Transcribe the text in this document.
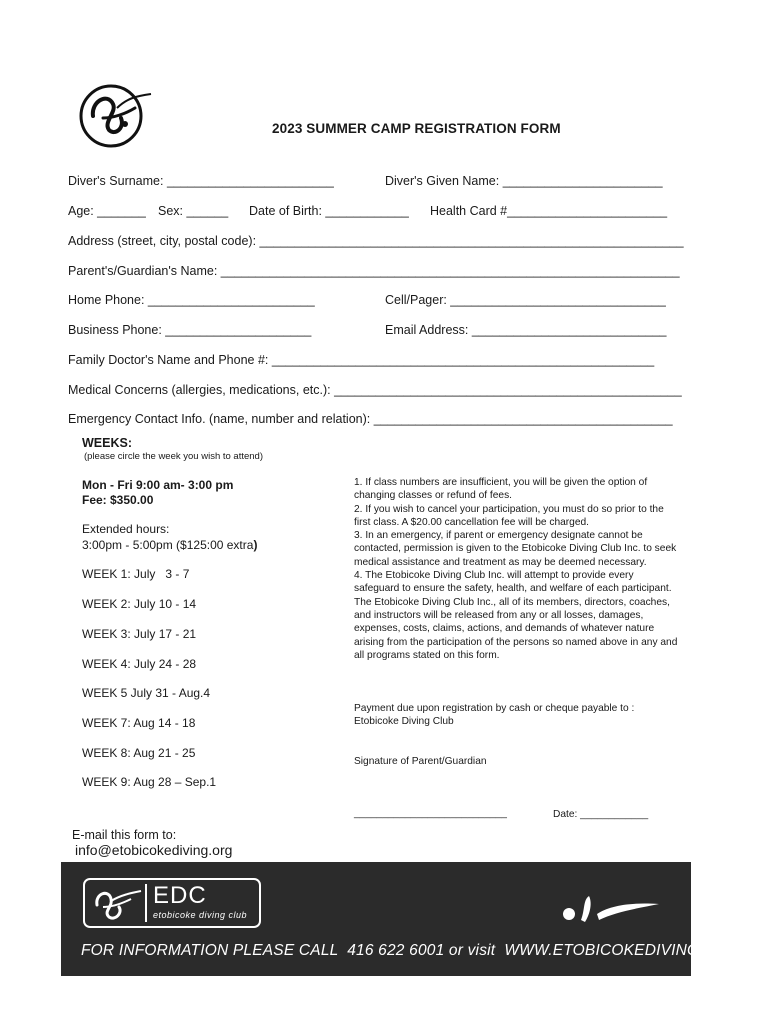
2023 SUMMER CAMP REGISTRATION FORM
Diver's Surname: ________________________	Diver's Given Name: _______________________
Age: _______ Sex: ______ Date of Birth: ____________ Health Card #_______________________
Address (street, city, postal code): _____________________________________________________________
Parent's/Guardian's Name: __________________________________________________________________
Home Phone: ________________________	Cell/Pager: _______________________________
Business Phone: _____________________	Email Address: ____________________________
Family Doctor's Name and Phone #: _______________________________________________________
Medical Concerns (allergies, medications, etc.): __________________________________________________
Emergency Contact Info. (name, number and relation): ___________________________________________
WEEKS:
(please circle the week you wish to attend)
Mon - Fri 9:00 am- 3:00 pm
Fee: $350.00
Extended hours:
3:00pm - 5:00pm ($125:00 extra)
WEEK 1: July   3 - 7
WEEK 2: July 10 - 14
WEEK 3: July 17 - 21
WEEK 4: July 24 - 28
WEEK 5 July 31 - Aug.4
WEEK 7: Aug 14 - 18
WEEK 8: Aug 21 - 25
WEEK 9: Aug 28 – Sep.1
1. If class numbers are insufficient, you will be given the option of changing classes or refund of fees.
2. If you wish to cancel your participation, you must do so prior to the first class. A $20.00 cancellation fee will be charged.
3. In an emergency, if parent or emergency designate cannot be contacted, permission is given to the Etobicoke Diving Club Inc. to seek medical assistance and treatment as may be deemed necessary.
4. The Etobicoke Diving Club Inc. will attempt to provide every safeguard to ensure the safety, health, and welfare of each participant. The Etobicoke Diving Club Inc., all of its members, directors, coaches, and instructors will be released from any or all losses, damages, expenses, costs, claims, actions, and demands of whatever nature arising from the participation of the persons so named above in any and all programs stated on this form.
Payment due upon registration by cash or cheque payable to : Etobicoke Diving Club
Signature of Parent/Guardian
___________________________	Date: ____________
E-mail this form to:
info@etobicokediving.org
EDC
etobicoke diving club
FOR INFORMATION PLEASE CALL  416 622 6001 or visit  WWW.ETOBICOKEDIVING.ORG
